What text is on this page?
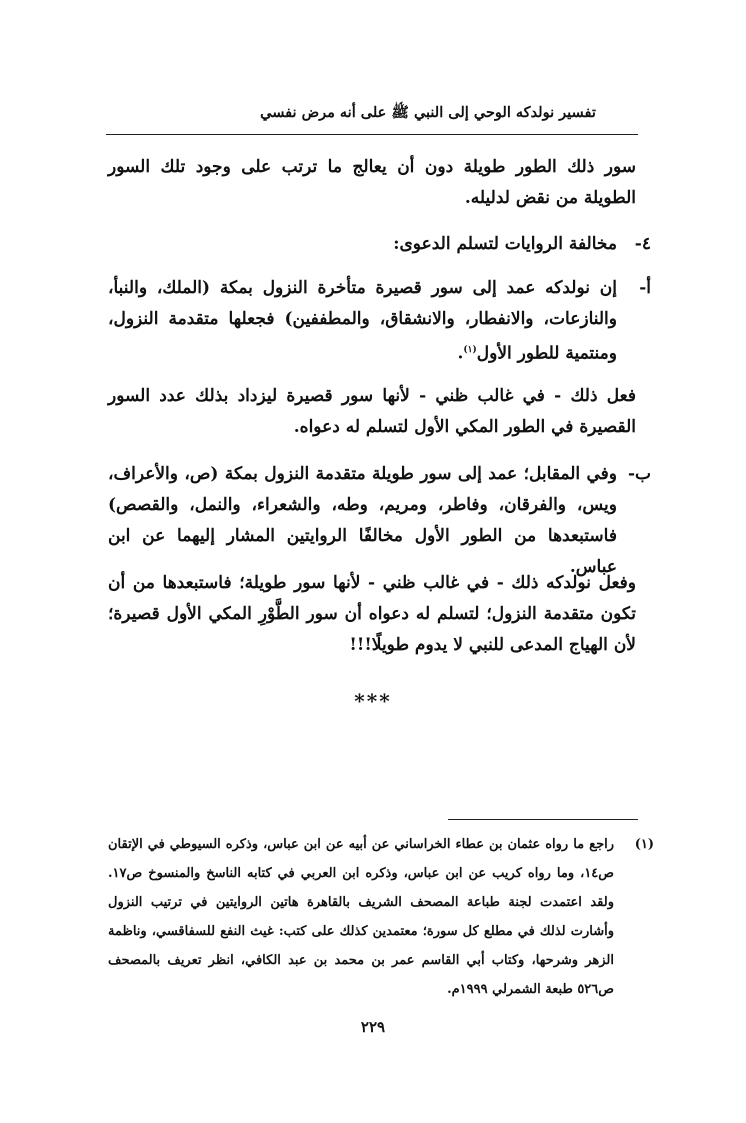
تفسير نولدكه الوحي إلى النبي ﷺ على أنه مرض نفسي

سور ذلك الطور طويلة دون أن يعالج ما ترتب على وجود تلك السور الطويلة من نقض لدليله.

٤-
مخالفة الروايات لتسلم الدعوى:
أ-
إن نولدكه عمد إلى سور قصيرة متأخرة النزول بمكة (الملك، والنبأ، والنازعات، والانفطار، والانشقاق، والمطففين) فجعلها متقدمة النزول، ومنتمية للطور الأول$^{(١)}$.

فعل ذلك - في غالب ظني - لأنها سور قصيرة ليزداد بذلك عدد السور القصيرة في الطور المكي الأول لتسلم له دعواه.

ب-
وفي المقابل؛ عمد إلى سور طويلة متقدمة النزول بمكة (ص، والأعراف، ويس، والفرقان، وفاطر، ومريم، وطه، والشعراء، والنمل، والقصص) فاستبعدها من الطور الأول مخالفًا الروايتين المشار إليهما عن ابن عباس.

وفعل نولدكه ذلك - في غالب ظني - لأنها سور طويلة؛ فاستبعدها من أن تكون متقدمة النزول؛ لتسلم له دعواه أن سور الطَّوْرِ المكي الأول قصيرة؛ لأن الهياج المدعى للنبي لا يدوم طويلًا!!!

***
(١)
راجع ما رواه عثمان بن عطاء الخراساني عن أبيه عن ابن عباس، وذكره السيوطي في الإتقان ص١٤، وما رواه كريب عن ابن عباس، وذكره ابن العربي في كتابه الناسخ والمنسوخ ص١٧. ولقد اعتمدت لجنة طباعة المصحف الشريف بالقاهرة هاتين الروايتين في ترتيب النزول وأشارت لذلك في مطلع كل سورة؛ معتمدين كذلك على كتب: غيث النفع للسفاقسي، وناظمة الزهر وشرحها، وكتاب أبي القاسم عمر بن محمد بن عبد الكافي، انظر تعريف بالمصحف ص٥٢٦ طبعة الشمرلي ١٩٩٩م.
٢٢٩
